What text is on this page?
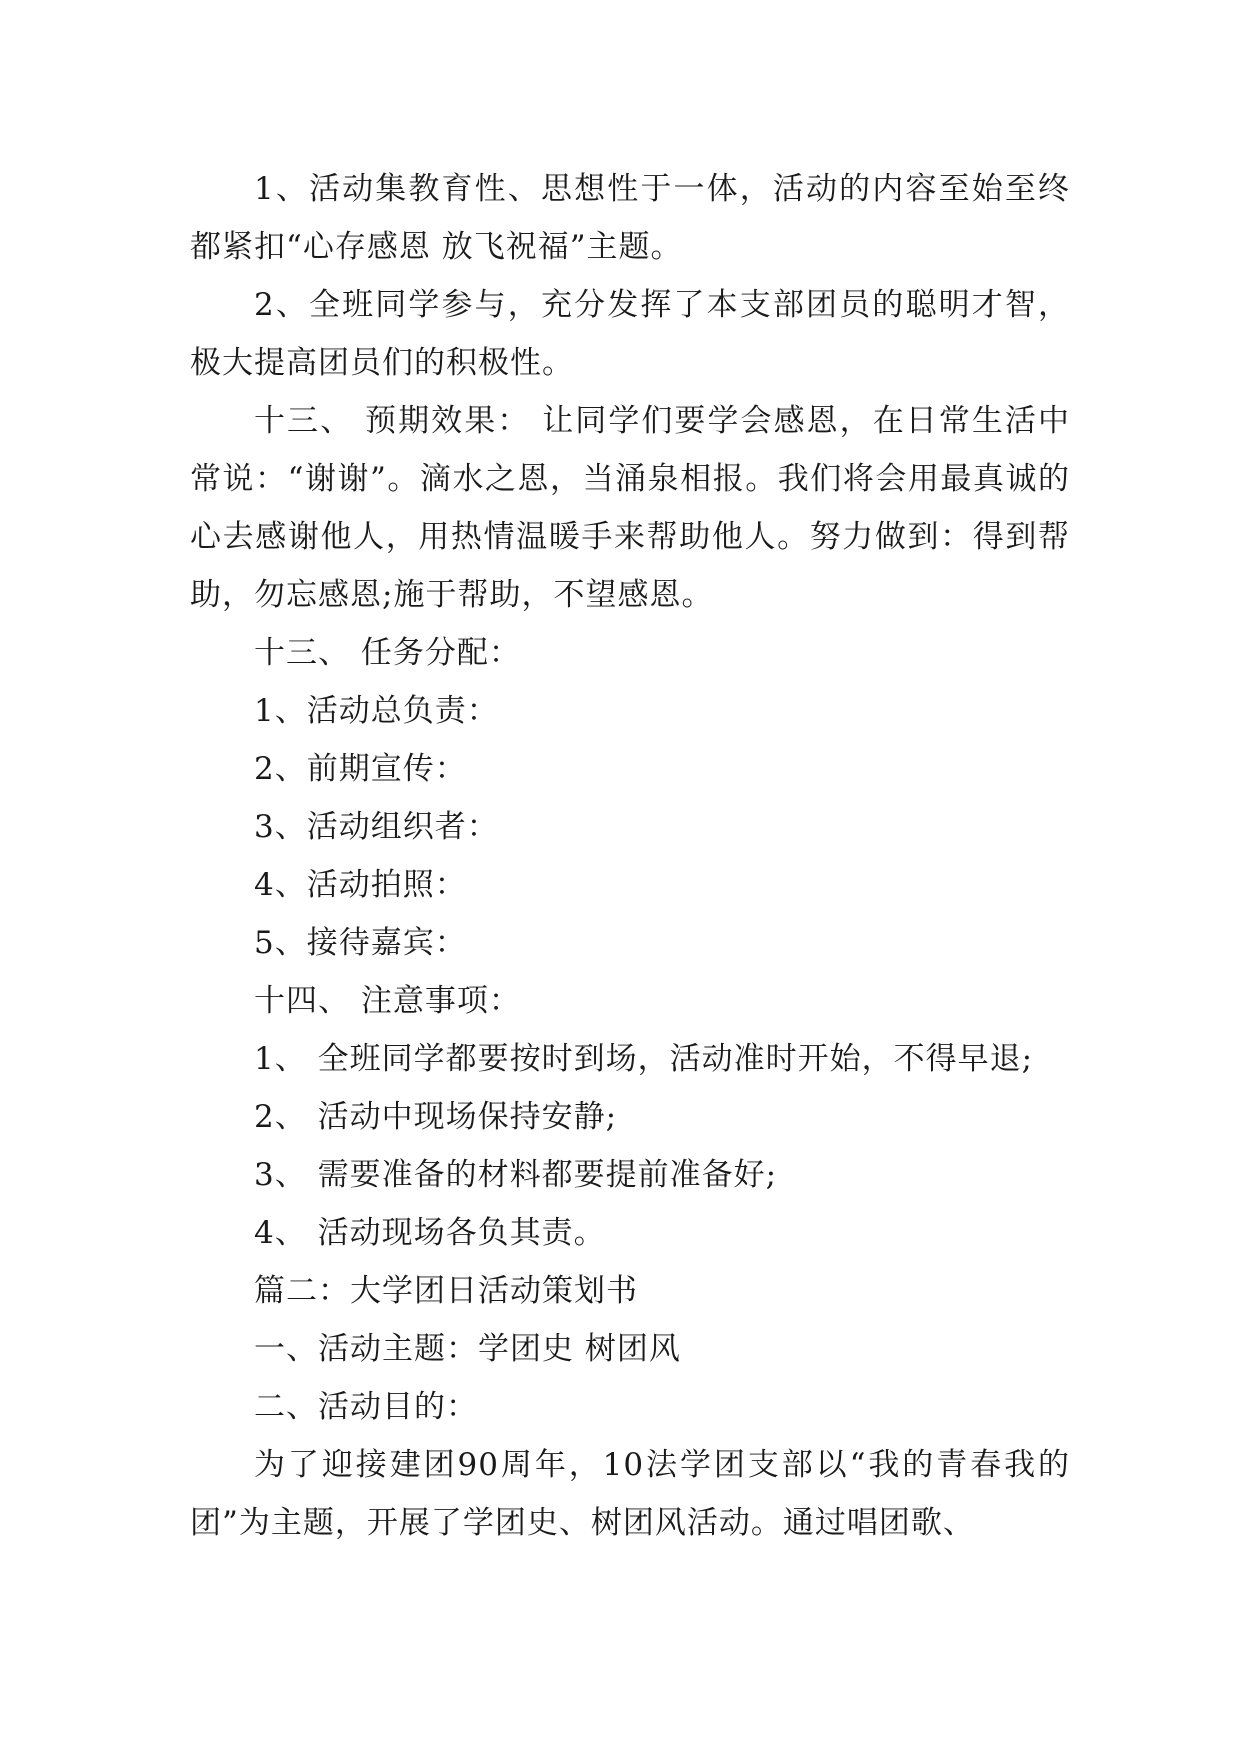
1、活动集教育性、思想性于一体，活动的内容至始至终都紧扣“心存感恩 放飞祝福”主题。

2、全班同学参与，充分发挥了本支部团员的聪明才智，极大提高团员们的积极性。

十三、 预期效果： 让同学们要学会感恩，在日常生活中常说：“谢谢”。滴水之恩，当涌泉相报。我们将会用最真诚的心去感谢他人，用热情温暖手来帮助他人。努力做到：得到帮助，勿忘感恩;施于帮助，不望感恩。

十三、 任务分配：

1、活动总负责：

2、前期宣传：

3、活动组织者：

4、活动拍照：

5、接待嘉宾：

十四、 注意事项：

1、 全班同学都要按时到场，活动准时开始，不得早退;

2、 活动中现场保持安静;

3、 需要准备的材料都要提前准备好;

4、 活动现场各负其责。

篇二：大学团日活动策划书

一、活动主题：学团史 树团风

二、活动目的：

为了迎接建团90周年，10法学团支部以“我的青春我的团”为主题，开展了学团史、树团风活动。通过唱团歌、
